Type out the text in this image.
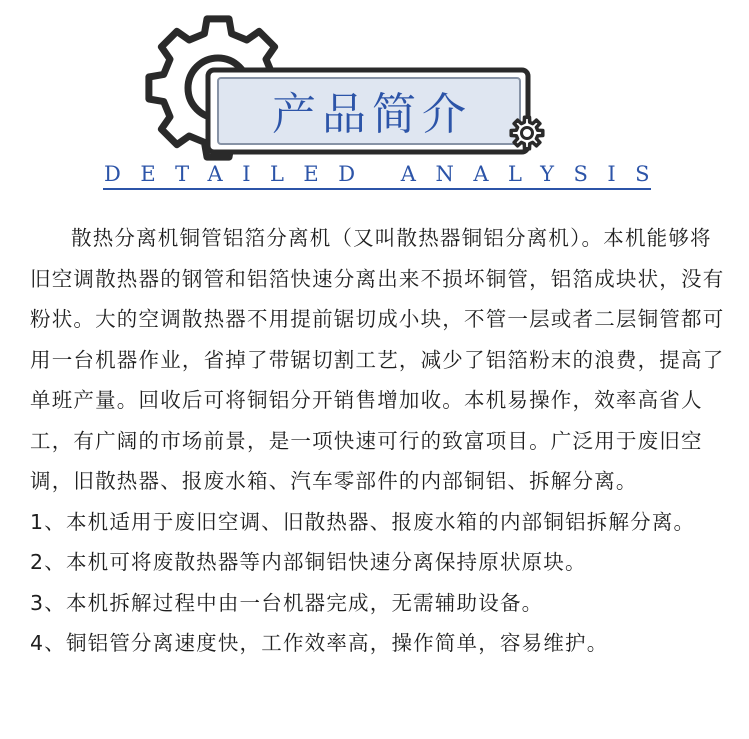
产品简介
DETAILED ANALYSIS

散热分离机铜管铝箔分离机（又叫散热器铜铝分离机）。本机能够将旧空调散热器的钢管和铝箔快速分离出来不损坏铜管，铝箔成块状，没有粉状。大的空调散热器不用提前锯切成小块，不管一层或者二层铜管都可用一台机器作业，省掉了带锯切割工艺，减少了铝箔粉末的浪费，提高了单班产量。回收后可将铜铝分开销售增加收。本机易操作，效率高省人工，有广阔的市场前景，是一项快速可行的致富项目。广泛用于废旧空调，旧散热器、报废水箱、汽车零部件的内部铜铝、拆解分离。

1、本机适用于废旧空调、旧散热器、报废水箱的内部铜铝拆解分离。

2、本机可将废散热器等内部铜铝快速分离保持原状原块。

3、本机拆解过程中由一台机器完成，无需辅助设备。

4、铜铝管分离速度快，工作效率高，操作简单，容易维护。
